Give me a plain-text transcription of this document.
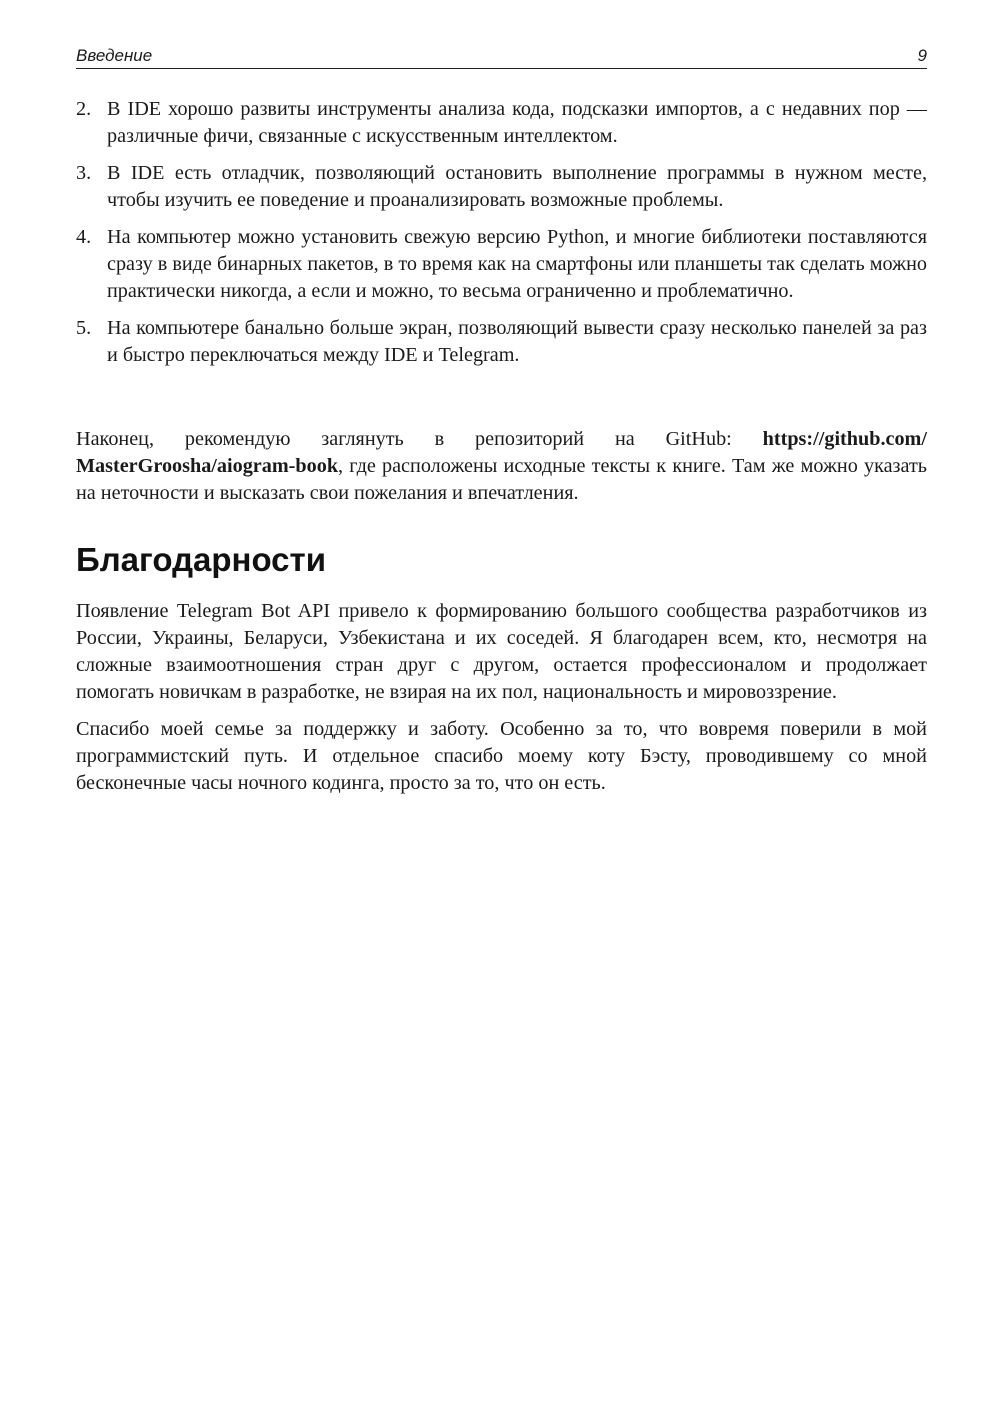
Введение	9
2. В IDE хорошо развиты инструменты анализа кода, подсказки импортов, а с недавних пор — различные фичи, связанные с искусственным интеллектом.
3. В IDE есть отладчик, позволяющий остановить выполнение программы в нужном месте, чтобы изучить ее поведение и проанализировать возможные проблемы.
4. На компьютер можно установить свежую версию Python, и многие библиотеки поставляются сразу в виде бинарных пакетов, в то время как на смартфоны или планшеты так сделать можно практически никогда, а если и можно, то весьма ограниченно и проблематично.
5. На компьютере банально больше экран, позволяющий вывести сразу несколько панелей за раз и быстро переключаться между IDE и Telegram.

Наконец, рекомендую заглянуть в репозиторий на GitHub: https://github.com/ MasterGroosha/aiogram-book, где расположены исходные тексты к книге. Там же можно указать на неточности и высказать свои пожелания и впечатления.

Благодарности

Появление Telegram Bot API привело к формированию большого сообщества разработчиков из России, Украины, Беларуси, Узбекистана и их соседей. Я благодарен всем, кто, несмотря на сложные взаимоотношения стран друг с другом, остается профессионалом и продолжает помогать новичкам в разработке, не взирая на их пол, национальность и мировоззрение.

Спасибо моей семье за поддержку и заботу. Особенно за то, что вовремя поверили в мой программистский путь. И отдельное спасибо моему коту Бэсту, проводившему со мной бесконечные часы ночного кодинга, просто за то, что он есть.
